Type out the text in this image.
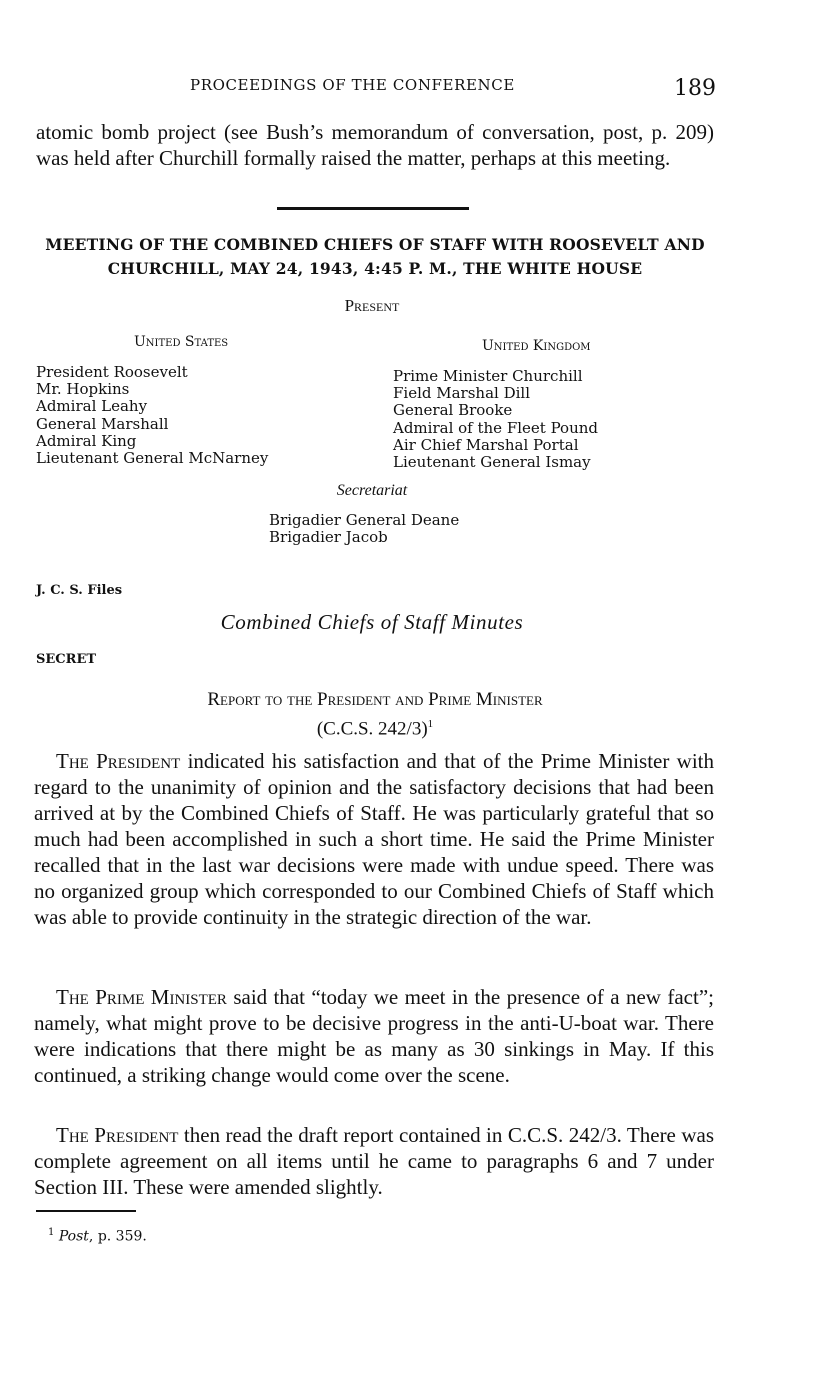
PROCEEDINGS OF THE CONFERENCE	189

atomic bomb project (see Bush’s memorandum of conversation, post, p. 209) was held after Churchill formally raised the matter, perhaps at this meeting.

MEETING OF THE COMBINED CHIEFS OF STAFF WITH ROOSEVELT AND CHURCHILL, MAY 24, 1943, 4:45 P. M., THE WHITE HOUSE
Present
United States	United Kingdom
President Roosevelt
Mr. Hopkins
Admiral Leahy
General Marshall
Admiral King
Lieutenant General McNarney
Prime Minister Churchill
Field Marshal Dill
General Brooke
Admiral of the Fleet Pound
Air Chief Marshal Portal
Lieutenant General Ismay
Secretariat
Brigadier General Deane
Brigadier Jacob
J. C. S. Files
Combined Chiefs of Staff Minutes
SECRET
Report to the President and Prime Minister
(C.C.S. 242/3)$^1$

The President indicated his satisfaction and that of the Prime Minister with regard to the unanimity of opinion and the satisfactory decisions that had been arrived at by the Combined Chiefs of Staff. He was particularly grateful that so much had been accomplished in such a short time. He said the Prime Minister recalled that in the last war decisions were made with undue speed. There was no organized group which corresponded to our Combined Chiefs of Staff which was able to provide continuity in the strategic direction of the war.

The Prime Minister said that “today we meet in the presence of a new fact”; namely, what might prove to be decisive progress in the anti-U-boat war. There were indications that there might be as many as 30 sinkings in May. If this continued, a striking change would come over the scene.

The President then read the draft report contained in C.C.S. 242/3. There was complete agreement on all items until he came to paragraphs 6 and 7 under Section III. These were amended slightly.

$^1$ Post, p. 359.
